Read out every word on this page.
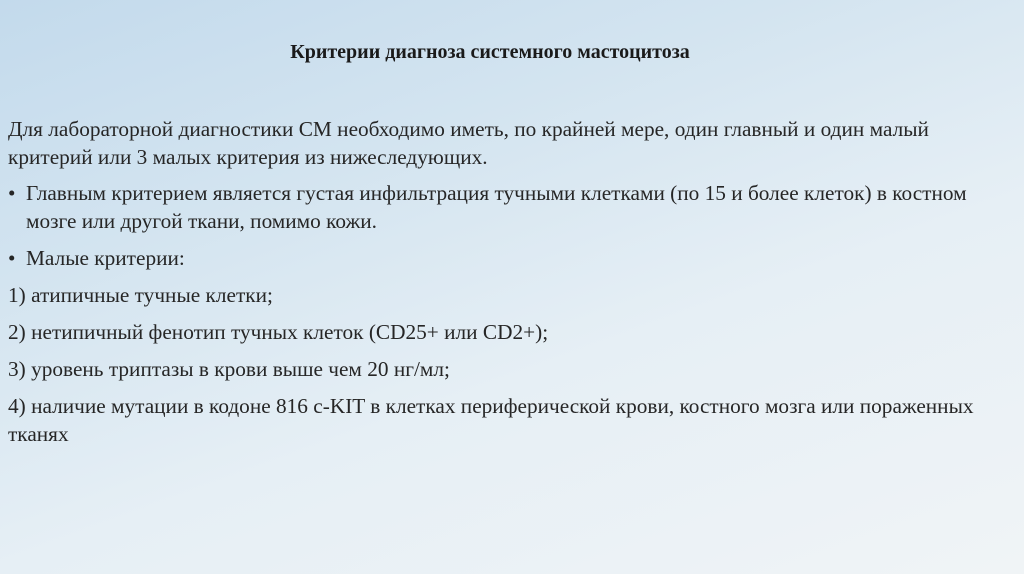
Критерии диагноза системного мастоцитоза

Для лабораторной диагностики СМ необходимо иметь, по крайней мере, один главный и один малый критерий или 3 малых критерия из нижеследующих.

• Главным критерием является густая инфильтрация тучными клетками (по 15 и более клеток) в костном мозге или другой ткани, помимо кожи.

• Малые критерии:

1) атипичные тучные клетки;

2) нетипичный фенотип тучных клеток (CD25+ или CD2+);

3) уровень триптазы в крови выше чем 20 нг/мл;

4) наличие мутации в кодоне 816 с-KIT в клетках периферической крови, костного мозга или пораженных тканях
